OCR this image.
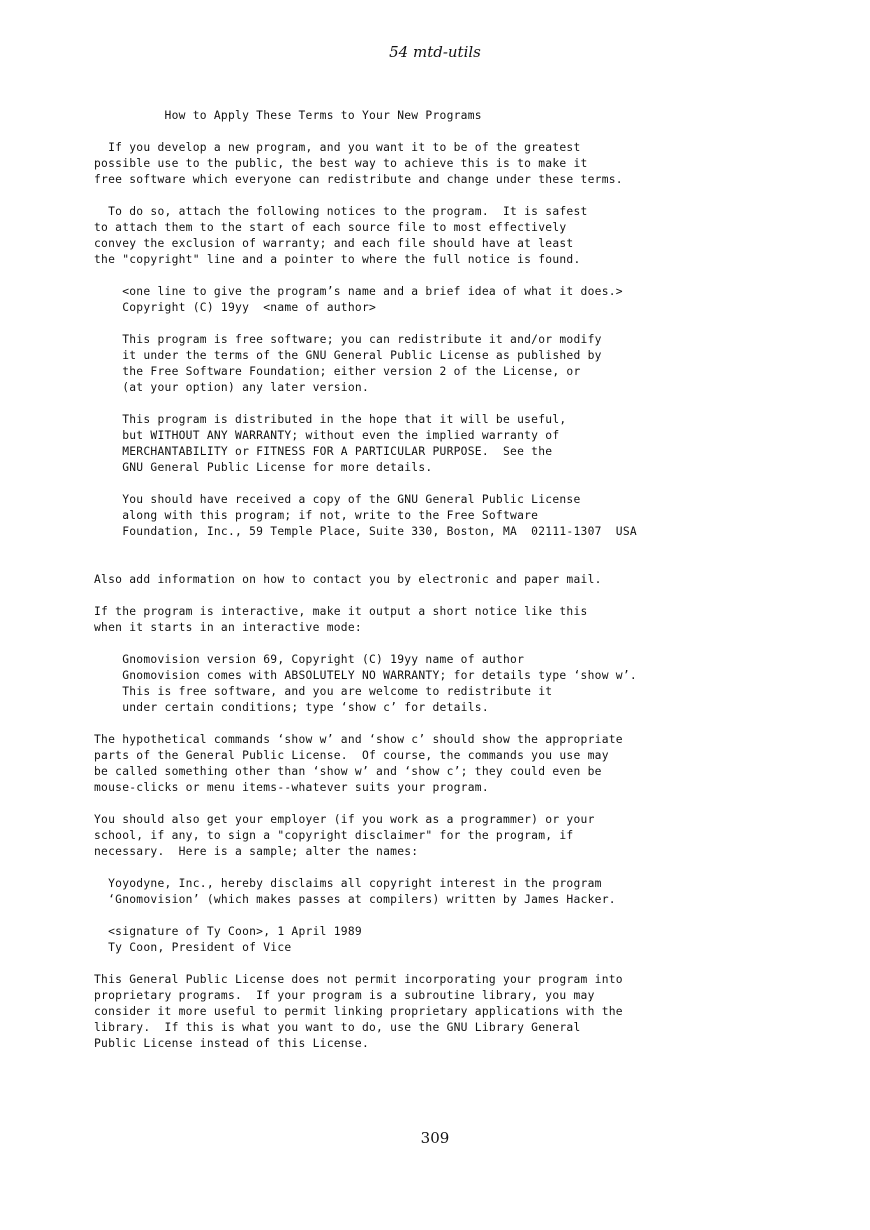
54 mtd-utils
How to Apply These Terms to Your New Programs
If you develop a new program, and you want it to be of the greatest
possible use to the public, the best way to achieve this is to make it
free software which everyone can redistribute and change under these terms.
To do so, attach the following notices to the program.  It is safest
to attach them to the start of each source file to most effectively
convey the exclusion of warranty; and each file should have at least
the "copyright" line and a pointer to where the full notice is found.
<one line to give the program’s name and a brief idea of what it does.>
Copyright (C) 19yy  <name of author>
This program is free software; you can redistribute it and/or modify
it under the terms of the GNU General Public License as published by
the Free Software Foundation; either version 2 of the License, or
(at your option) any later version.
This program is distributed in the hope that it will be useful,
but WITHOUT ANY WARRANTY; without even the implied warranty of
MERCHANTABILITY or FITNESS FOR A PARTICULAR PURPOSE.  See the
GNU General Public License for more details.
You should have received a copy of the GNU General Public License
along with this program; if not, write to the Free Software
Foundation, Inc., 59 Temple Place, Suite 330, Boston, MA  02111-1307  USA
Also add information on how to contact you by electronic and paper mail.
If the program is interactive, make it output a short notice like this
when it starts in an interactive mode:
Gnomovision version 69, Copyright (C) 19yy name of author
Gnomovision comes with ABSOLUTELY NO WARRANTY; for details type ‘show w’.
This is free software, and you are welcome to redistribute it
under certain conditions; type ‘show c’ for details.
The hypothetical commands ‘show w’ and ‘show c’ should show the appropriate
parts of the General Public License.  Of course, the commands you use may
be called something other than ‘show w’ and ‘show c’; they could even be
mouse-clicks or menu items--whatever suits your program.
You should also get your employer (if you work as a programmer) or your
school, if any, to sign a "copyright disclaimer" for the program, if
necessary.  Here is a sample; alter the names:
Yoyodyne, Inc., hereby disclaims all copyright interest in the program
‘Gnomovision’ (which makes passes at compilers) written by James Hacker.
<signature of Ty Coon>, 1 April 1989
Ty Coon, President of Vice
This General Public License does not permit incorporating your program into
proprietary programs.  If your program is a subroutine library, you may
consider it more useful to permit linking proprietary applications with the
library.  If this is what you want to do, use the GNU Library General
Public License instead of this License.
309
